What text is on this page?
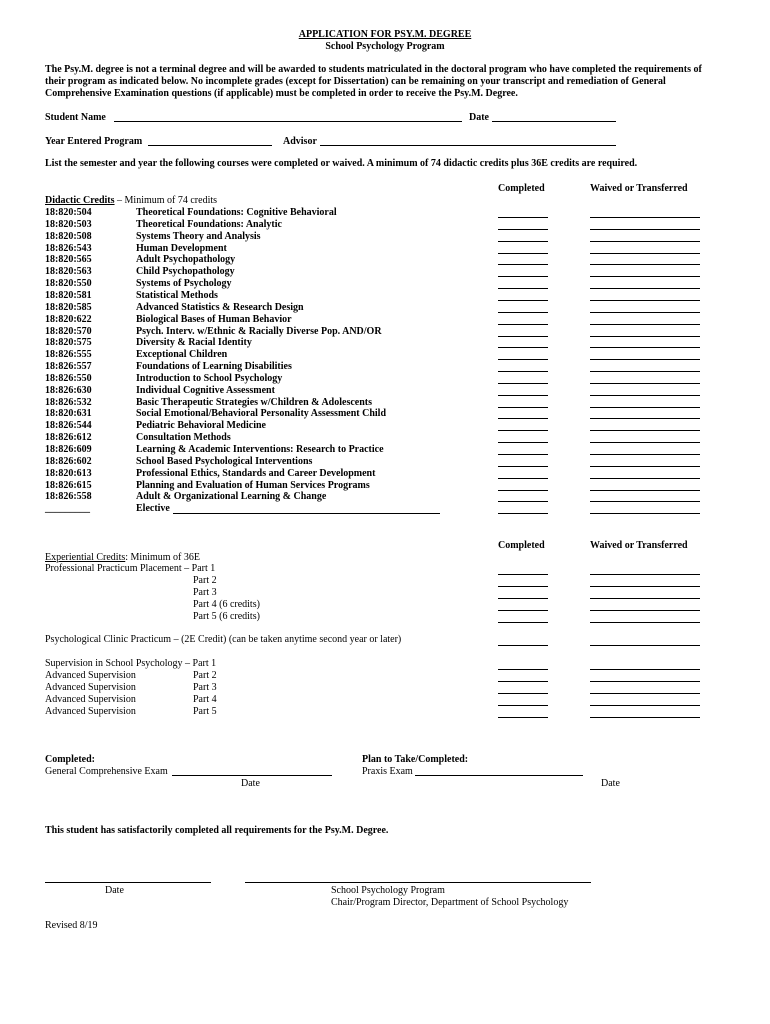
APPLICATION FOR PSY.M. DEGREE
School Psychology Program
The Psy.M. degree is not a terminal degree and will be awarded to students matriculated in the doctoral program who have completed the requirements of their program as indicated below. No incomplete grades (except for Dissertation) can be remaining on your transcript and remediation of General Comprehensive Examination questions (if applicable) must be completed in order to receive the Psy.M. Degree.
Student Name	Date
Year Entered Program	Advisor
List the semester and year the following courses were completed or waived. A minimum of 74 didactic credits plus 36E credits are required.
Completed	Waived or Transferred
Didactic Credits – Minimum of 74 credits
18:820:504	Theoretical Foundations: Cognitive Behavioral
18:820:503	Theoretical Foundations: Analytic
18:820:508	Systems Theory and Analysis
18:826:543	Human Development
18:820:565	Adult Psychopathology
18:820:563	Child Psychopathology
18:820:550	Systems of Psychology
18:820:581	Statistical Methods
18:820:585	Advanced Statistics & Research Design
18:820:622	Biological Bases of Human Behavior
18:820:570	Psych. Interv. w/Ethnic & Racially Diverse Pop. AND/OR
18:820:575	Diversity & Racial Identity
18:826:555	Exceptional Children
18:826:557	Foundations of Learning Disabilities
18:826:550	Introduction to School Psychology
18:826:630	Individual Cognitive Assessment
18:826:532	Basic Therapeutic Strategies w/Children & Adolescents
18:820:631	Social Emotional/Behavioral Personality Assessment Child
18:826:544	Pediatric Behavioral Medicine
18:826:612	Consultation Methods
18:826:609	Learning & Academic Interventions: Research to Practice
18:826:602	School Based Psychological Interventions
18:820:613	Professional Ethics, Standards and Career Development
18:826:615	Planning and Evaluation of Human Services Programs
18:826:558	Adult & Organizational Learning & Change
_________	Elective
Completed	Waived or Transferred
Experiential Credits: Minimum of 36E
Professional Practicum Placement – Part 1
Part 2
Part 3
Part 4 (6 credits)
Part 5 (6 credits)
Psychological Clinic Practicum – (2E Credit) (can be taken anytime second year or later)
Supervision in School Psychology – Part 1
Advanced Supervision	Part 2
Advanced Supervision	Part 3
Advanced Supervision	Part 4
Advanced Supervision	Part 5
Completed:
General Comprehensive Exam
Date
Plan to Take/Completed:
Praxis Exam
Date
This student has satisfactorily completed all requirements for the Psy.M. Degree.
Date	School Psychology Program
Chair/Program Director, Department of School Psychology
Revised 8/19
